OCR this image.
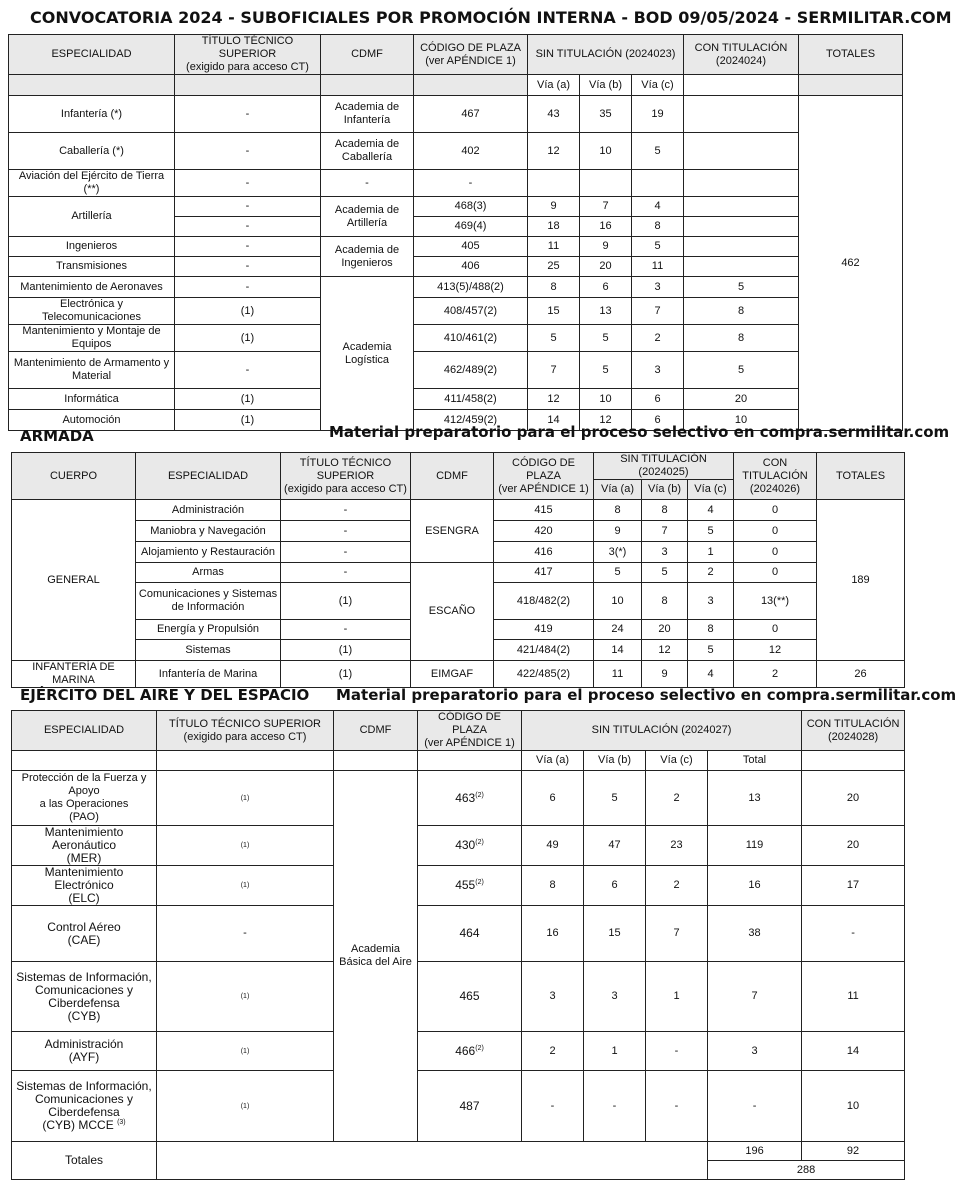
CONVOCATORIA 2024 - SUBOFICIALES POR PROMOCIÓN INTERNA - BOD 09/05/2024 - SERMILITAR.COM
ESPECIALIDAD	TÍTULO TÉCNICO SUPERIOR
(exigido para acceso CT)	CDMF	CÓDIGO DE PLAZA
(ver APÉNDICE 1)	SIN TITULACIÓN (2024023)			CON TITULACIÓN
(2024024)	TOTALES
				Vía (a)	Vía (b)	Vía (c)		
Infantería (*)	-	Academia de Infantería	467	43	35	19		462
Caballería (*)	-	Academia de Caballería	402	12	10	5		
Aviación del Ejército de Tierra (**)	-	-	-					
Artillería	-	Academia de Artillería	468(3)	9	7	4		
	-		469(4)	18	16	8		
Ingenieros	-	Academia de Ingenieros	405	11	9	5		
Transmisiones	-		406	25	20	11		
Mantenimiento de Aeronaves	-	Academia Logística	413(5)/488(2)	8	6	3	5	
Electrónica y Telecomunicaciones	(1)		408/457(2)	15	13	7	8	
Mantenimiento y Montaje de Equipos	(1)		410/461(2)	5	5	2	8	
Mantenimiento de Armamento y Material	-		462/489(2)	7	5	3	5	
Informática	(1)		411/458(2)	12	10	6	20	
Automoción	(1)		412/459(2)	14	12	6	10	
ARMADA	Material preparatorio para el proceso selectivo en compra.sermilitar.com
CUERPO	ESPECIALIDAD	TÍTULO TÉCNICO SUPERIOR
(exigido para acceso CT)	CDMF	CÓDIGO DE PLAZA
(ver APÉNDICE 1)	SIN TITULACIÓN (2024025)			CON TITULACIÓN
(2024026)	TOTALES
					Vía (a)	Vía (b)	Vía (c)		
GENERAL	Administración	-	ESENGRA	415	8	8	4	0	189
	Maniobra y Navegación	-		420	9	7	5	0	
	Alojamiento y Restauración	-		416	3(*)	3	1	0	
	Armas	-	ESCAÑO	417	5	5	2	0	
	Comunicaciones y Sistemas de Información	(1)		418/482(2)	10	8	3	13(**)	
	Energía y Propulsión	-		419	24	20	8	0	
	Sistemas	(1)		421/484(2)	14	12	5	12	
INFANTERÍA DE MARINA	Infantería de Marina	(1)	EIMGAF	422/485(2)	11	9	4	2	26
EJÉRCITO DEL AIRE Y DEL ESPACIO Material preparatorio para el proceso selectivo en compra.sermilitar.com
ESPECIALIDAD	TÍTULO TÉCNICO SUPERIOR
(exigido para acceso CT)	CDMF	CÓDIGO DE PLAZA
(ver APÉNDICE 1)	SIN TITULACIÓN (2024027)				CON TITULACIÓN
(2024028)
				Vía (a)	Vía (b)	Vía (c)	Total	
Protección de la Fuerza y Apoyo
a las Operaciones
(PAO)	(1)	Academia Básica del Aire	463$^{(2)}$	6	5	2	13	20
Mantenimiento Aeronáutico
(MER)	(1)		430$^{(2)}$	49	47	23	119	20
Mantenimiento Electrónico
(ELC)	(1)		455$^{(2)}$	8	6	2	16	17
Control Aéreo
(CAE)	-		464	16	15	7	38	-
Sistemas de Información,
Comunicaciones y
Ciberdefensa
(CYB)	(1)		465	3	3	1	7	11
Administración
(AYF)	(1)		466$^{(2)}$	2	1	-	3	14
Sistemas de Información,
Comunicaciones y
Ciberdefensa
(CYB) MCCE $^{(3)}$	(1)		487	-	-	-	-	10
Totales							196	92
							288	
